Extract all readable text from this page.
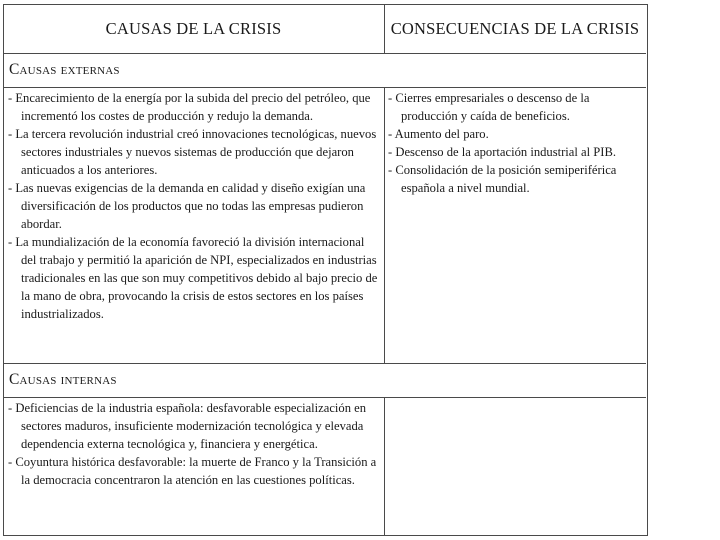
CAUSAS DE LA CRISIS	CONSECUENCIAS DE LA CRISIS
Causas externas
- Encarecimiento de la energía por la subida del precio del petróleo, que incrementó los costes de producción y redujo la demanda.
- La tercera revolución industrial creó innovaciones tecnológicas, nuevos sectores industriales y nuevos sistemas de producción que dejaron anticuados a los anteriores.
- Las nuevas exigencias de la demanda en calidad y diseño exigían una diversificación de los productos que no todas las empresas pudieron abordar.
- La mundialización de la economía favoreció la división internacional del trabajo y permitió la aparición de NPI, especializados en industrias tradicionales en las que son muy competitivos debido al bajo precio de la mano de obra, provocando la crisis de estos sectores en los países industrializados.
- Cierres empresariales o descenso de la producción y caída de beneficios.
- Aumento del paro.
- Descenso de la aportación industrial al PIB.
- Consolidación de la posición semiperiférica española a nivel mundial.
Causas internas
- Deficiencias de la industria española: desfavorable especialización en sectores maduros, insuficiente modernización tecnológica y elevada dependencia externa tecnológica y, financiera y energética.
- Coyuntura histórica desfavorable: la muerte de Franco y la Transición a la democracia concentraron la atención en las cuestiones políticas.
